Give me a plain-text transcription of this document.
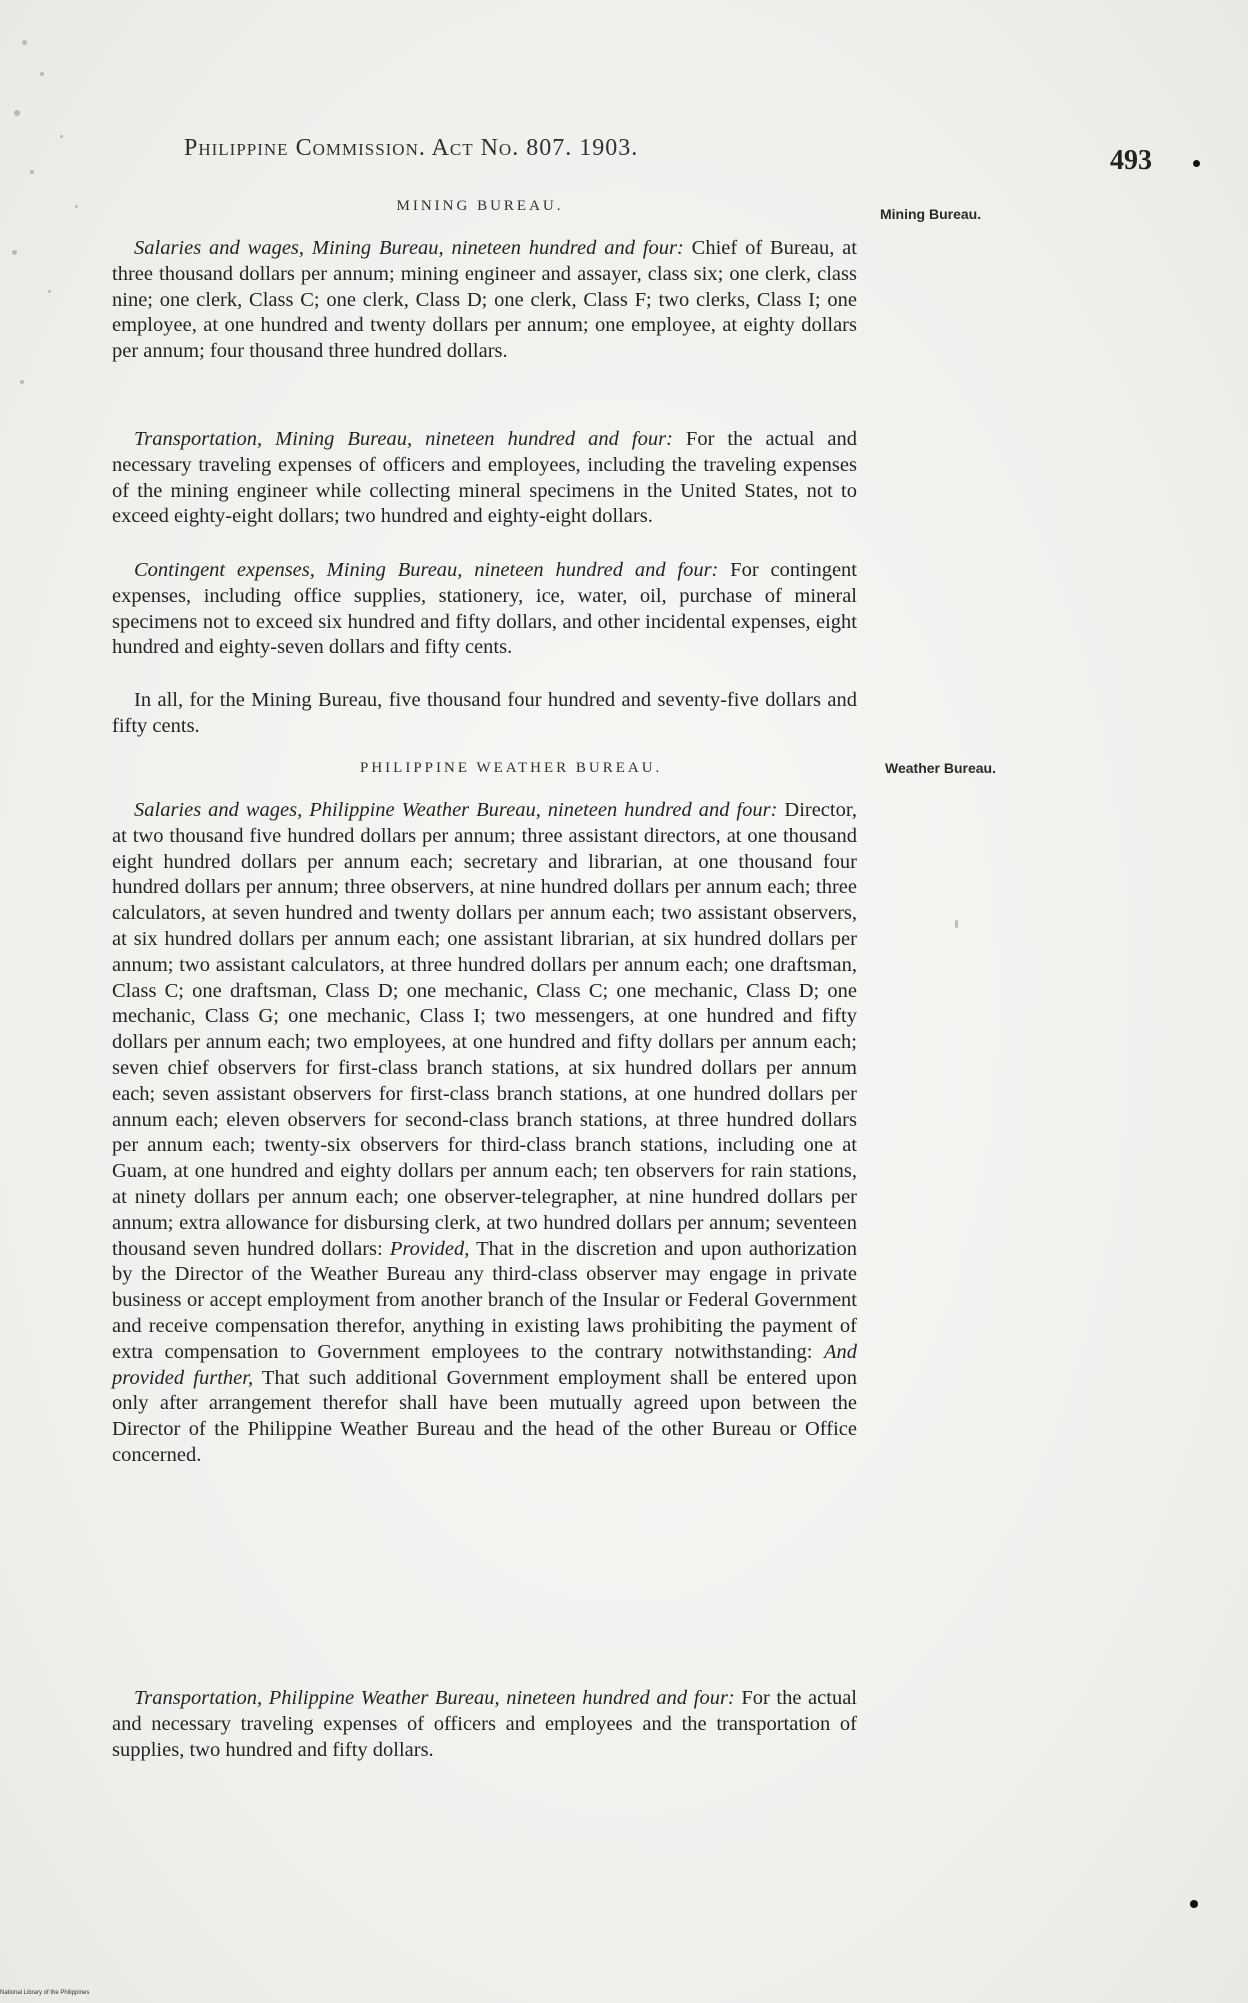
Philippine Commission. Act No. 807. 1903.	493
MINING BUREAU.	Mining Bureau.
Salaries and wages, Mining Bureau, nineteen hundred and four: Chief of Bureau, at three thousand dollars per annum; mining engineer and assayer, class six; one clerk, class nine; one clerk, Class C; one clerk, Class D; one clerk, Class F; two clerks, Class I; one employee, at one hundred and twenty dollars per annum; one employee, at eighty dollars per annum; four thousand three hundred dollars.
Transportation, Mining Bureau, nineteen hundred and four: For the actual and necessary traveling expenses of officers and employees, including the traveling expenses of the mining engineer while collecting mineral specimens in the United States, not to exceed eighty-eight dollars; two hundred and eighty-eight dollars.
Contingent expenses, Mining Bureau, nineteen hundred and four: For contingent expenses, including office supplies, stationery, ice, water, oil, purchase of mineral specimens not to exceed six hundred and fifty dollars, and other incidental expenses, eight hundred and eighty-seven dollars and fifty cents.
In all, for the Mining Bureau, five thousand four hundred and seventy-five dollars and fifty cents.
PHILIPPINE WEATHER BUREAU.	Weather Bureau.
Salaries and wages, Philippine Weather Bureau, nineteen hundred and four: Director, at two thousand five hundred dollars per annum; three assistant directors, at one thousand eight hundred dollars per annum each; secretary and librarian, at one thousand four hundred dollars per annum; three observers, at nine hundred dollars per annum each; three calculators, at seven hundred and twenty dollars per annum each; two assistant observers, at six hundred dollars per annum each; one assistant librarian, at six hundred dollars per annum; two assistant calculators, at three hundred dollars per annum each; one draftsman, Class C; one draftsman, Class D; one mechanic, Class C; one mechanic, Class D; one mechanic, Class G; one mechanic, Class I; two messengers, at one hundred and fifty dollars per annum each; two employees, at one hundred and fifty dollars per annum each; seven chief observers for first-class branch stations, at six hundred dollars per annum each; seven assistant observers for first-class branch stations, at one hundred dollars per annum each; eleven observers for second-class branch stations, at three hundred dollars per annum each; twenty-six observers for third-class branch stations, including one at Guam, at one hundred and eighty dollars per annum each; ten observers for rain stations, at ninety dollars per annum each; one observer-telegrapher, at nine hundred dollars per annum; extra allowance for disbursing clerk, at two hundred dollars per annum; seventeen thousand seven hundred dollars: Provided, That in the discretion and upon authorization by the Director of the Weather Bureau any third-class observer may engage in private business or accept employment from another branch of the Insular or Federal Government and receive compensation therefor, anything in existing laws prohibiting the payment of extra compensation to Government employees to the contrary notwithstanding: And provided further, That such additional Government employment shall be entered upon only after arrangement therefor shall have been mutually agreed upon between the Director of the Philippine Weather Bureau and the head of the other Bureau or Office concerned.
Transportation, Philippine Weather Bureau, nineteen hundred and four: For the actual and necessary traveling expenses of officers and employees and the transportation of supplies, two hundred and fifty dollars.
National Library of the Philippines
